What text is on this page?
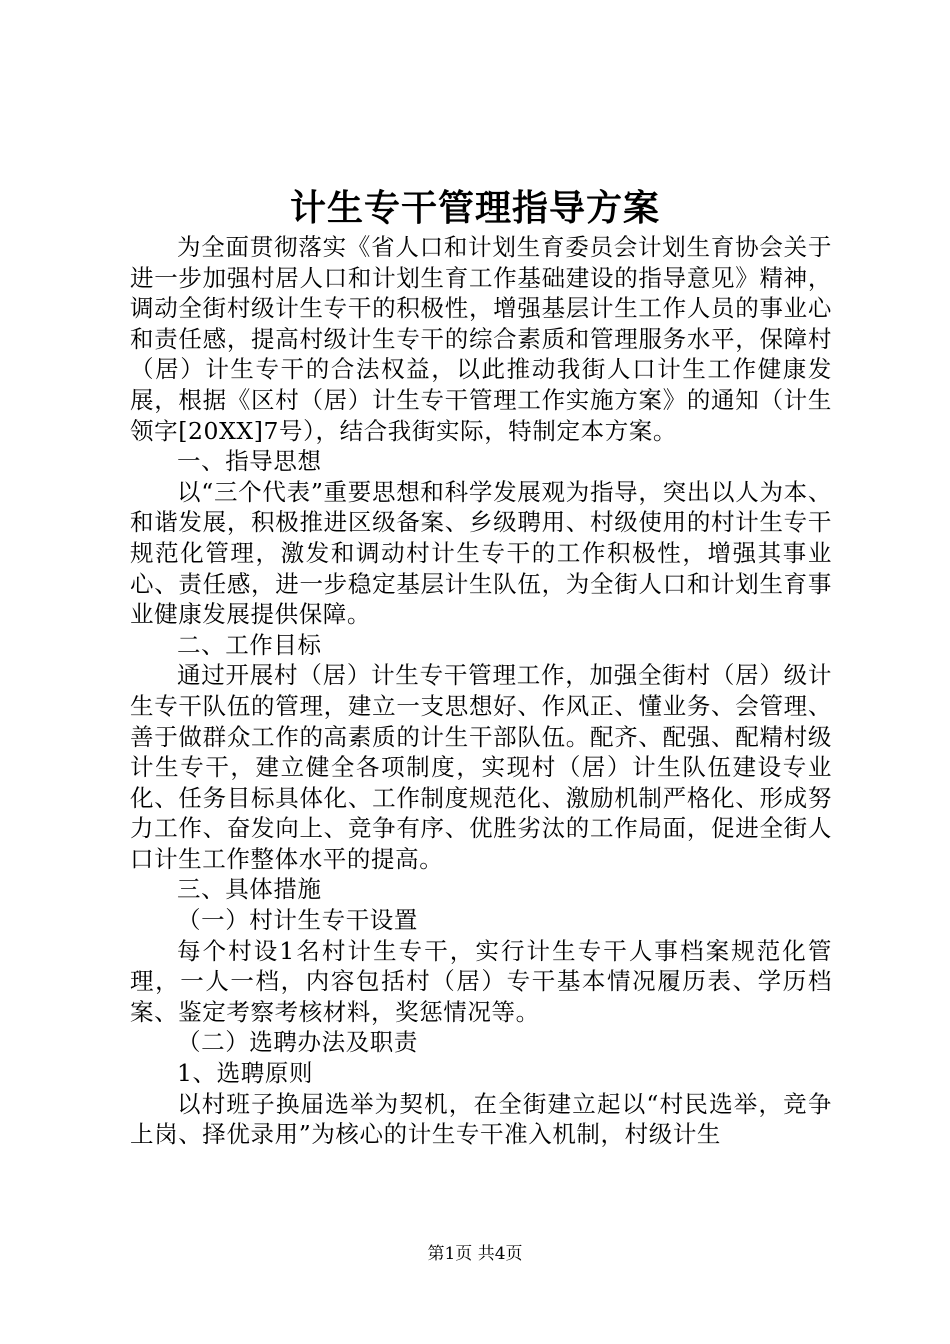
计生专干管理指导方案

为全面贯彻落实《省人口和计划生育委员会计划生育协会关于进一步加强村居人口和计划生育工作基础建设的指导意见》精神，调动全街村级计生专干的积极性，增强基层计生工作人员的事业心和责任感，提高村级计生专干的综合素质和管理服务水平，保障村（居）计生专干的合法权益，以此推动我街人口计生工作健康发展，根据《区村（居）计生专干管理工作实施方案》的通知（计生领字[20XX]7号），结合我街实际，特制定本方案。

一、指导思想

以“三个代表”重要思想和科学发展观为指导，突出以人为本、和谐发展，积极推进区级备案、乡级聘用、村级使用的村计生专干规范化管理，激发和调动村计生专干的工作积极性，增强其事业心、责任感，进一步稳定基层计生队伍，为全街人口和计划生育事业健康发展提供保障。

二、工作目标

通过开展村（居）计生专干管理工作，加强全街村（居）级计生专干队伍的管理，建立一支思想好、作风正、懂业务、会管理、善于做群众工作的高素质的计生干部队伍。配齐、配强、配精村级计生专干，建立健全各项制度，实现村（居）计生队伍建设专业化、任务目标具体化、工作制度规范化、激励机制严格化、形成努力工作、奋发向上、竞争有序、优胜劣汰的工作局面，促进全街人口计生工作整体水平的提高。

三、具体措施

（一）村计生专干设置

每个村设1名村计生专干，实行计生专干人事档案规范化管理，一人一档，内容包括村（居）专干基本情况履历表、学历档案、鉴定考察考核材料，奖惩情况等。

（二）选聘办法及职责

1、选聘原则

以村班子换届选举为契机，在全街建立起以“村民选举，竞争上岗、择优录用”为核心的计生专干准入机制，村级计生

第1页 共4页
